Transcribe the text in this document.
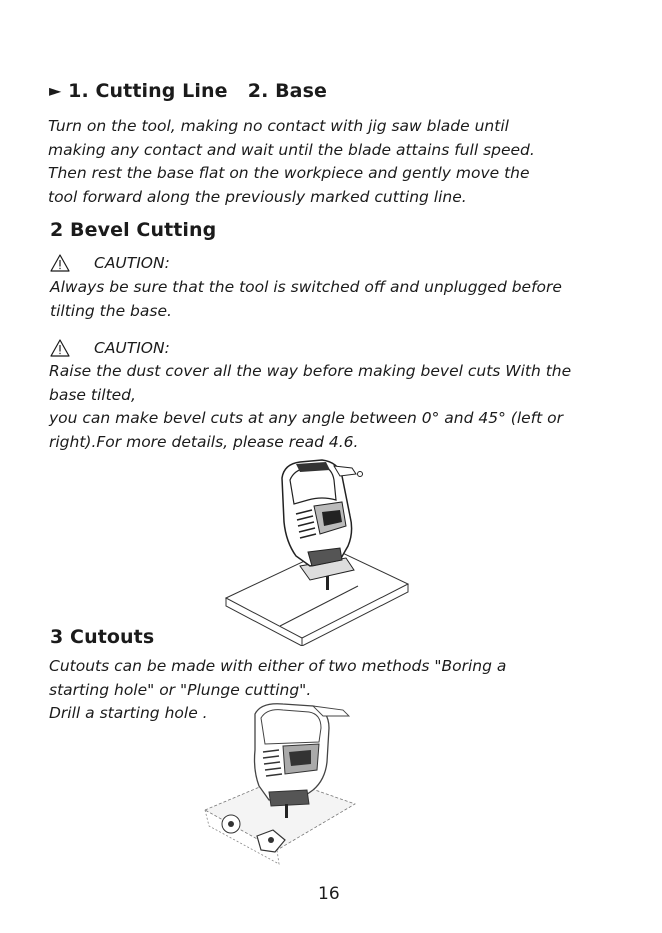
► 1. Cutting Line   2. Base
Turn on the tool, making no contact with jig saw blade until
making any contact and wait until the blade attains full speed.
Then rest the base flat on the workpiece and gently move the
tool forward along the previously marked cutting line.
2 Bevel Cutting
CAUTION:
Always be sure that the tool is switched off and unplugged before
tilting the base.
CAUTION:
Raise the dust cover all the way before making bevel cuts With the
base tilted,
you can make bevel cuts at any angle between 0° and 45° (left or
right).For more details, please read 4.6.
3 Cutouts
Cutouts can be made with either of two methods "Boring a
starting hole" or "Plunge cutting".
Drill a starting hole .
16
